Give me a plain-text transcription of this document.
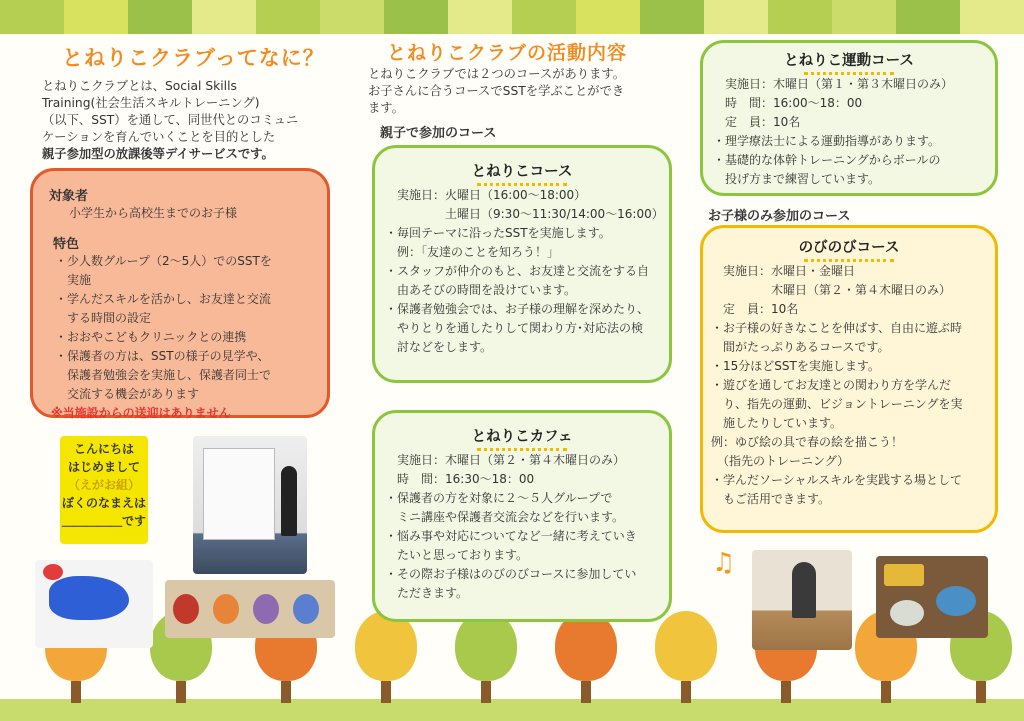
とねりこクラブってなに？
とねりこクラブとは、Social Skills
Training(社会生活スキルトレーニング)
（以下、SST）を通して、同世代とのコミュニ
ケーションを育んでいくことを目的とした
親子参加型の放課後等デイサービスです。
対象者
小学生から高校生までのお子様
特色
・少人数グループ（2～5人）でのSSTを
　実施
・学んだスキルを活かし、お友達と交流
　する時間の設定
・おおやこどもクリニックとの連携
・保護者の方は、SSTの様子の見学や、
　保護者勉強会を実施し、保護者同士で
　交流する機会があります
※当施設からの送迎はありません
こんにちは
はじめまして
（えがお組）
ぼくのなまえは
＿＿＿＿＿です
とねりこクラブの活動内容
とねりこクラブでは２つのコースがあります。
お子さんに合うコースでSSTを学ぶことができ
ます。
親子で参加のコース
とねりこコース
　実施日：火曜日（16:00～18:00）
　　　　　土曜日（9:30～11:30/14:00～16:00）
・毎回テーマに沿ったSSTを実施します。
　例：「友達のことを知ろう！」
・スタッフが仲介のもと、お友達と交流をする自
　由あそびの時間を設けています。
・保護者勉強会では、お子様の理解を深めたり、
　やりとりを通したりして関わり方･対応法の検
　討などをします。
とねりこカフェ
　実施日：木曜日（第２・第４木曜日のみ）
　時　間：16:30～18：00
・保護者の方を対象に２～５人グループで
　ミニ講座や保護者交流会などを行います。
・悩み事や対応についてなど一緒に考えていき
　たいと思っております。
・その際お子様はのびのびコースに参加してい
　ただきます。
とねりこ運動コース
　実施日：木曜日（第１・第３木曜日のみ）
　時　間：16:00～18：00
　定　員：10名
・理学療法士による運動指導があります。
・基礎的な体幹トレーニングからボールの
　投げ方まで練習しています。
お子様のみ参加のコース
のびのびコース
　実施日：水曜日・金曜日
　　　　　木曜日（第２・第４木曜日のみ）
　定　員：10名
・お子様の好きなことを伸ばす、自由に遊ぶ時
　間がたっぷりあるコースです。
・15分ほどSSTを実施します。
・遊びを通してお友達との関わり方を学んだ
　り、指先の運動、ビジョントレーニングを実
　施したりしています。
例：ゆび絵の具で春の絵を描こう！
　（指先のトレーニング）
・学んだソーシャルスキルを実践する場として
　もご活用できます。
♫
